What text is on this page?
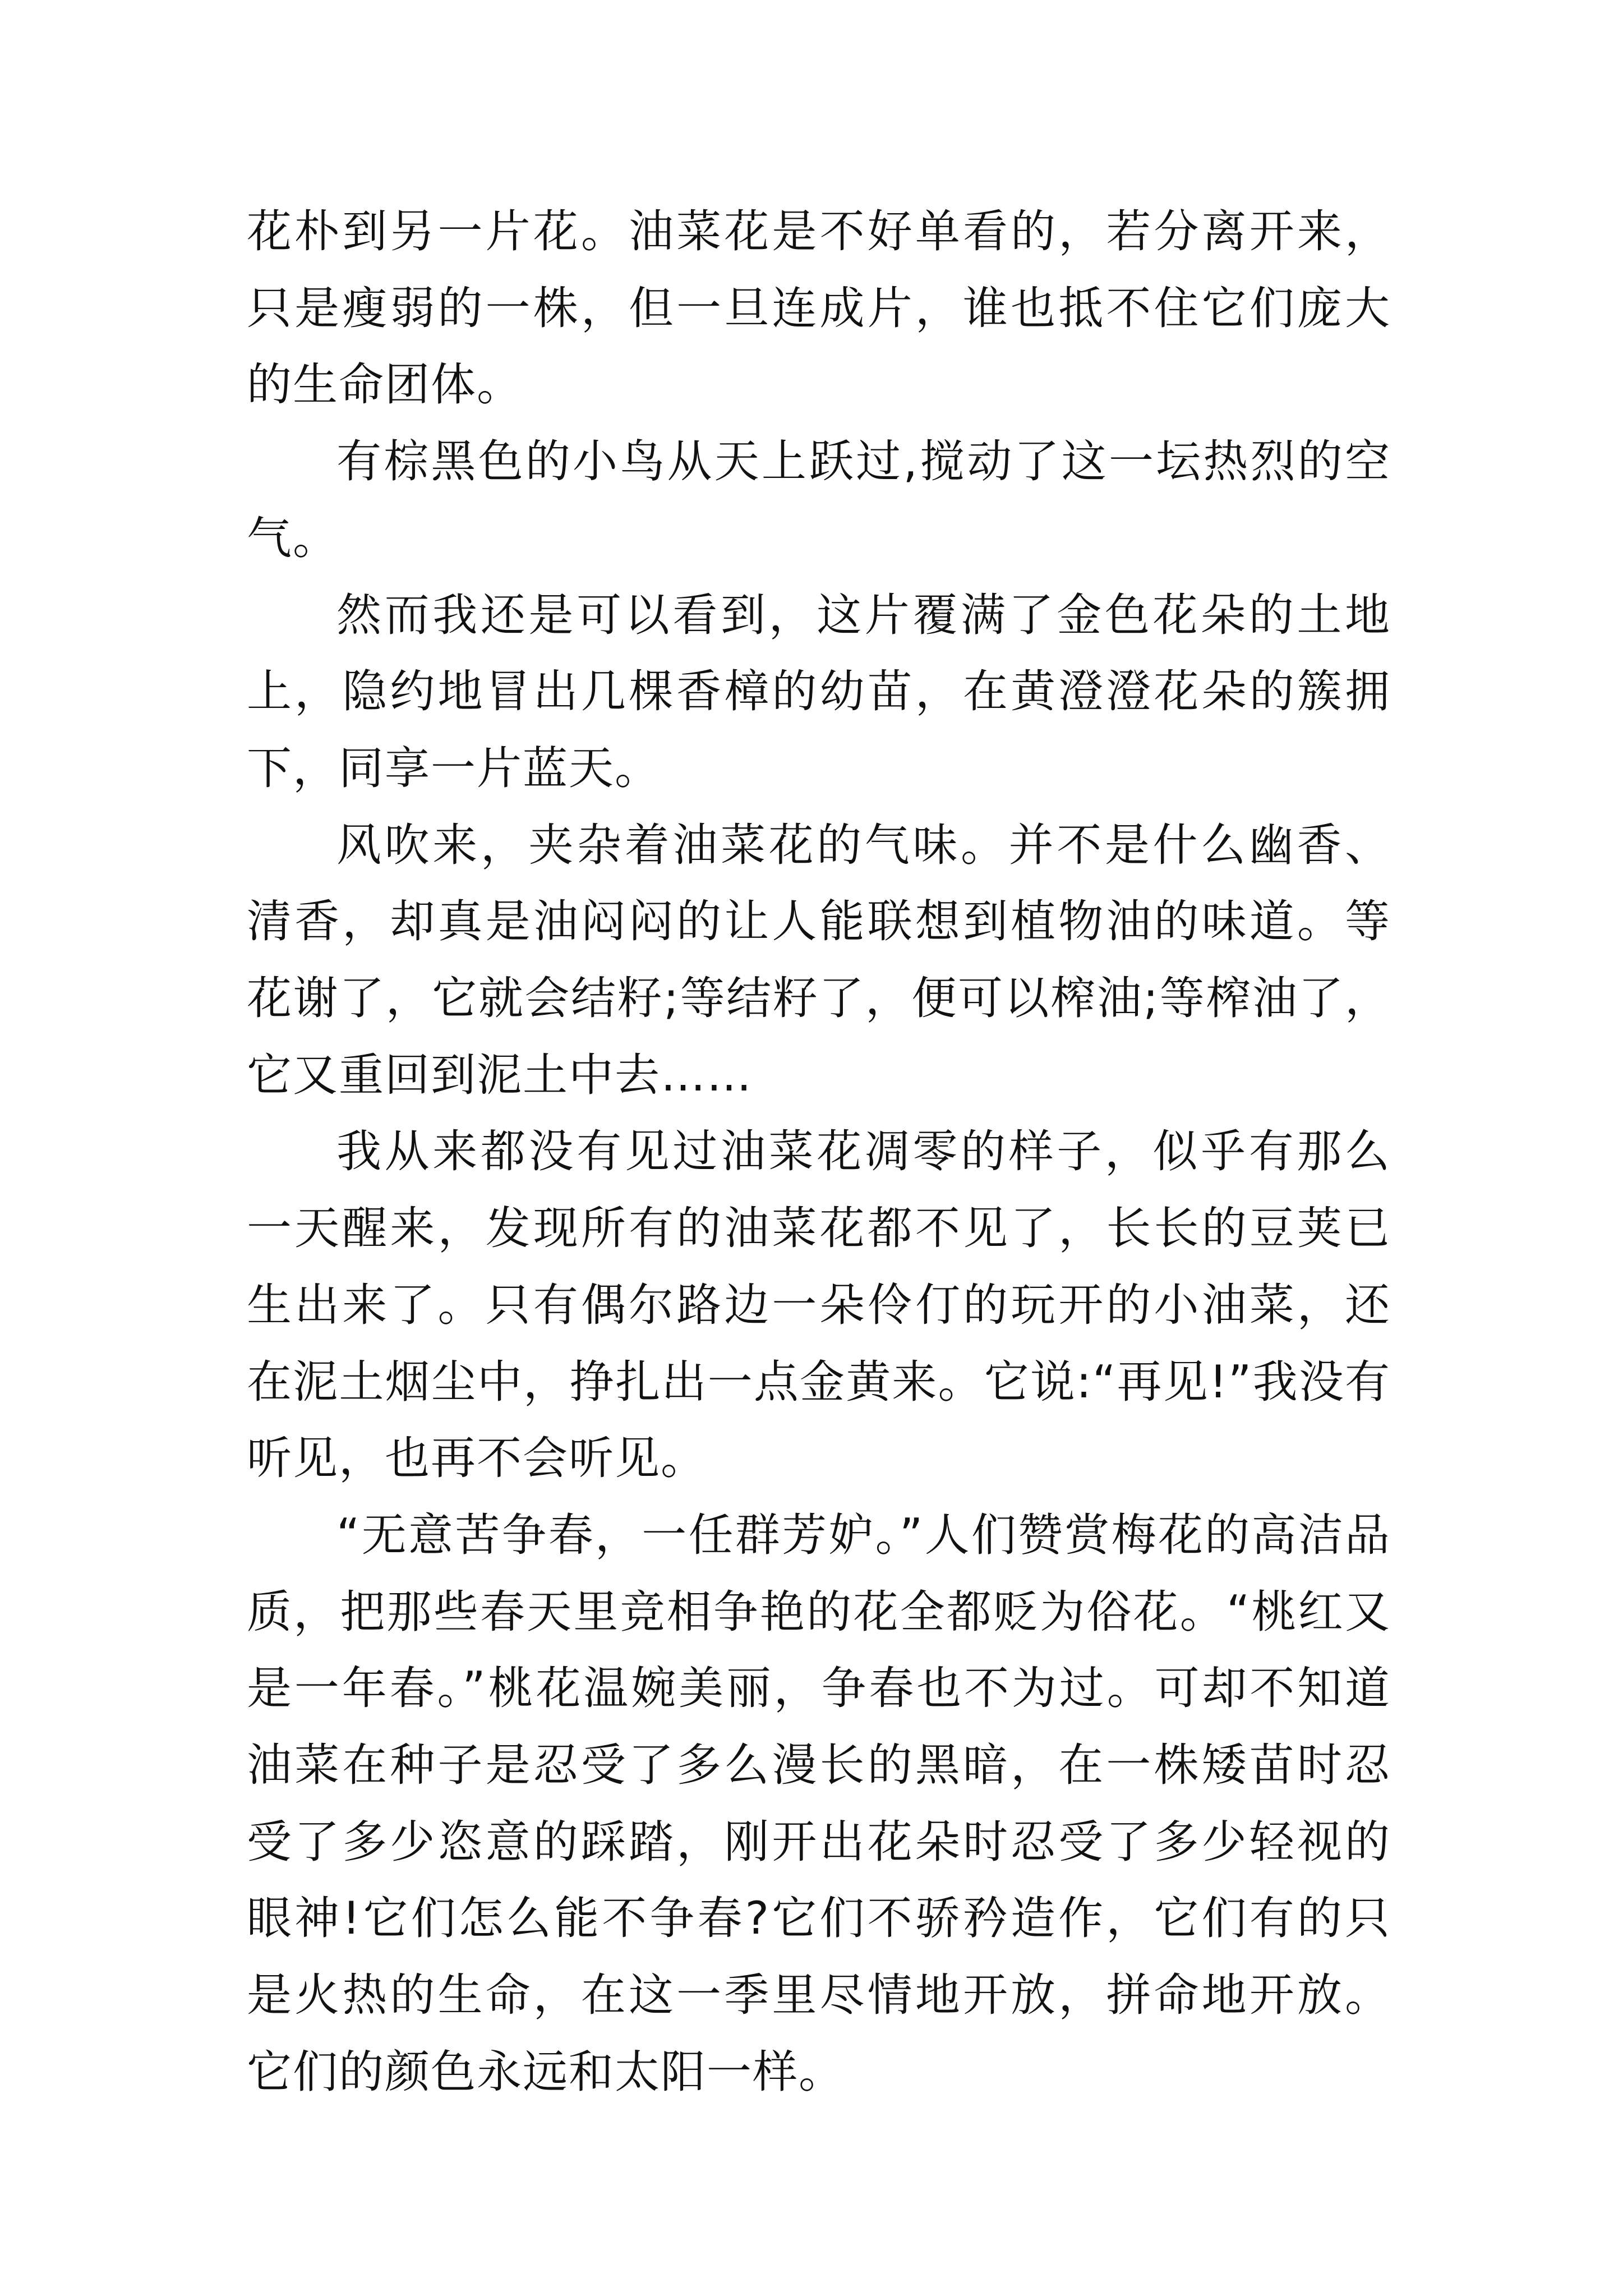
花朴到另一片花。油菜花是不好单看的，若分离开来，只是瘦弱的一株，但一旦连成片，谁也抵不住它们庞大的生命团体。

有棕黑色的小鸟从天上跃过,搅动了这一坛热烈的空气。

然而我还是可以看到，这片覆满了金色花朵的土地上，隐约地冒出几棵香樟的幼苗，在黄澄澄花朵的簇拥下，同享一片蓝天。

风吹来，夹杂着油菜花的气味。并不是什么幽香、清香，却真是油闷闷的让人能联想到植物油的味道。等花谢了，它就会结籽;等结籽了，便可以榨油;等榨油了，它又重回到泥土中去……

我从来都没有见过油菜花凋零的样子，似乎有那么一天醒来，发现所有的油菜花都不见了，长长的豆荚已生出来了。只有偶尔路边一朵伶仃的玩开的小油菜，还在泥土烟尘中，挣扎出一点金黄来。它说:“再见!”我没有听见，也再不会听见。

“无意苦争春，一任群芳妒。”人们赞赏梅花的高洁品质，把那些春天里竞相争艳的花全都贬为俗花。“桃红又是一年春。”桃花温婉美丽，争春也不为过。可却不知道油菜在种子是忍受了多么漫长的黑暗，在一株矮苗时忍受了多少恣意的踩踏，刚开出花朵时忍受了多少轻视的眼神!它们怎么能不争春?它们不骄矜造作，它们有的只是火热的生命，在这一季里尽情地开放，拼命地开放。它们的颜色永远和太阳一样。
